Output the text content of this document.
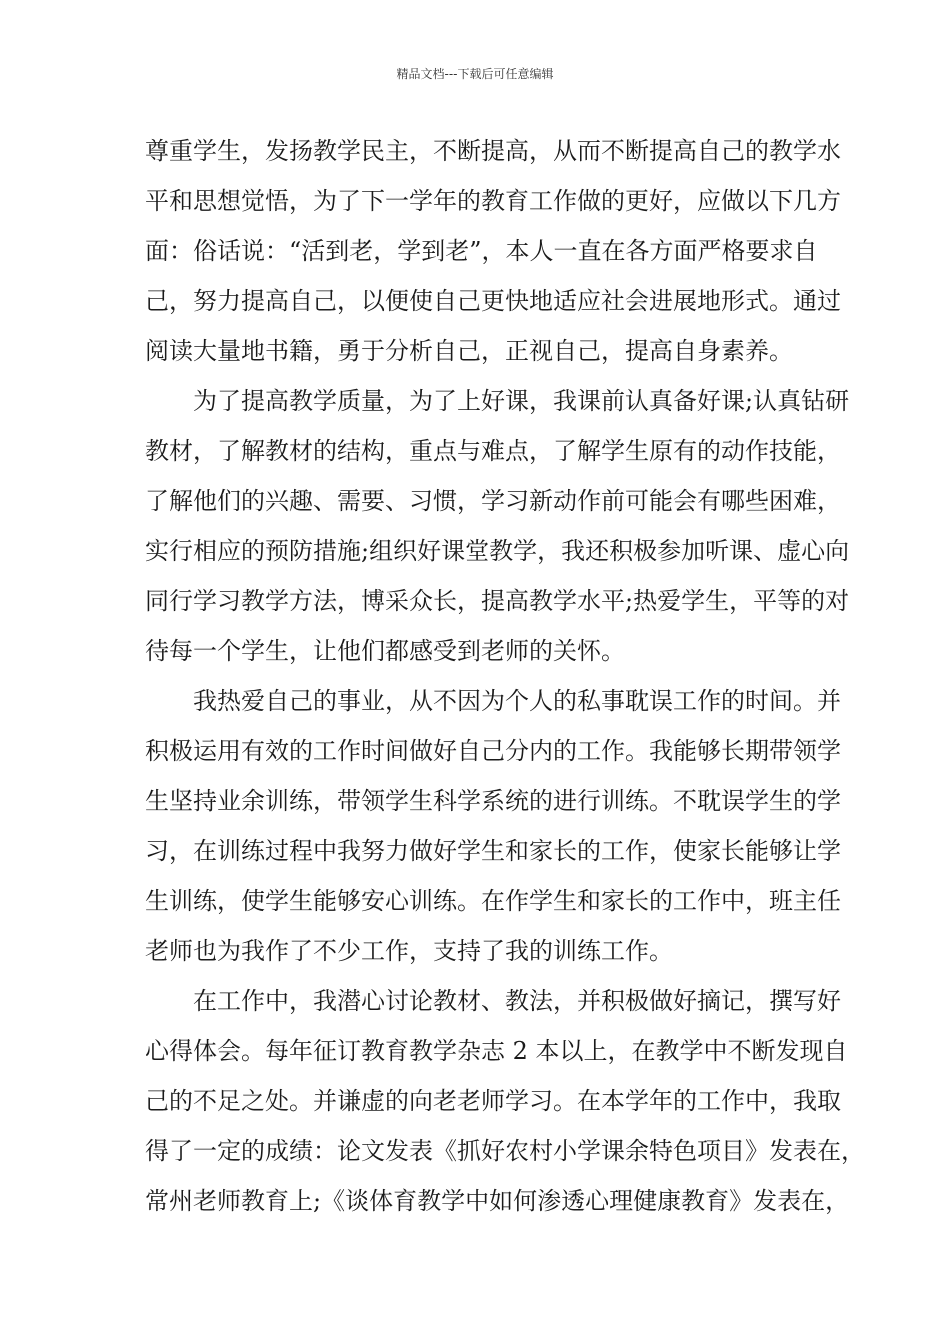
精品文档---下载后可任意编辑
尊重学生，发扬教学民主，不断提高，从而不断提高自己的教学水
平和思想觉悟，为了下一学年的教育工作做的更好，应做以下几方
面：俗话说：“活到老，学到老”，本人一直在各方面严格要求自
己，努力提高自己，以便使自己更快地适应社会进展地形式。通过
阅读大量地书籍，勇于分析自己，正视自己，提高自身素养。
为了提高教学质量，为了上好课，我课前认真备好课;认真钻研
教材，了解教材的结构，重点与难点，了解学生原有的动作技能，
了解他们的兴趣、需要、习惯，学习新动作前可能会有哪些困难，
实行相应的预防措施;组织好课堂教学，我还积极参加听课、虚心向
同行学习教学方法，博采众长，提高教学水平;热爱学生，平等的对
待每一个学生，让他们都感受到老师的关怀。
我热爱自己的事业，从不因为个人的私事耽误工作的时间。并
积极运用有效的工作时间做好自己分内的工作。我能够长期带领学
生坚持业余训练，带领学生科学系统的进行训练。不耽误学生的学
习，在训练过程中我努力做好学生和家长的工作，使家长能够让学
生训练，使学生能够安心训练。在作学生和家长的工作中，班主任
老师也为我作了不少工作，支持了我的训练工作。
在工作中，我潜心讨论教材、教法，并积极做好摘记，撰写好
心得体会。每年征订教育教学杂志 2 本以上，在教学中不断发现自
己的不足之处。并谦虚的向老老师学习。在本学年的工作中，我取
得了一定的成绩：论文发表《抓好农村小学课余特色项目》发表在，
常州老师教育上;《谈体育教学中如何渗透心理健康教育》发表在，
